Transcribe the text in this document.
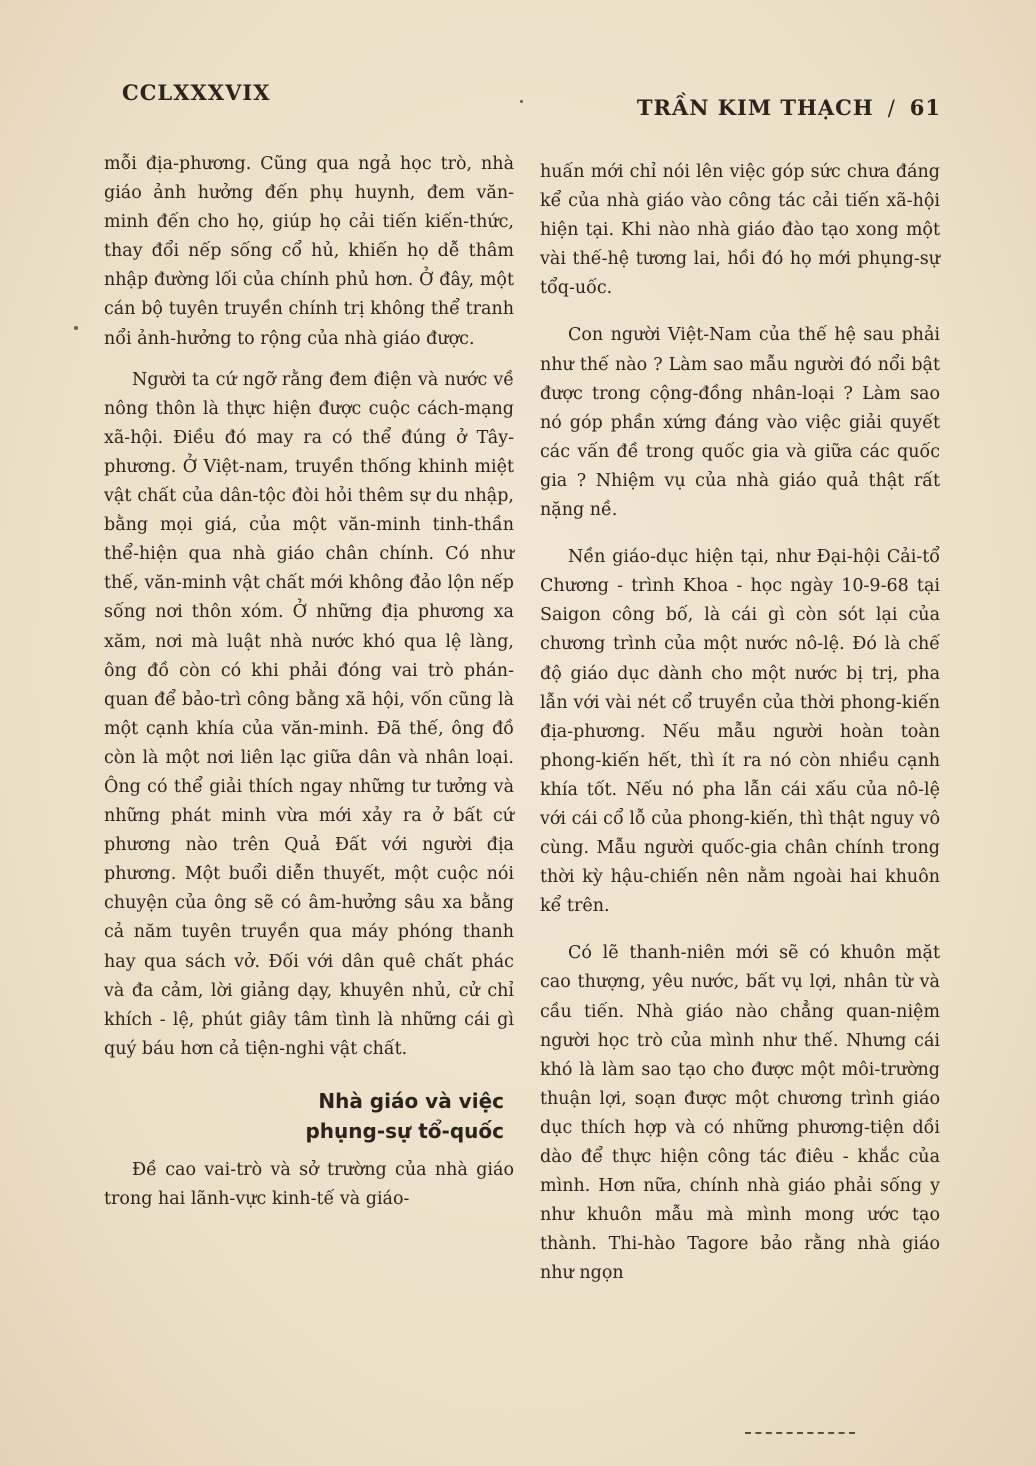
CCLXXXVIX
TRẦN KIM THẠCH / 61

mỗi địa-phương. Cũng qua ngả học trò, nhà giáo ảnh hưởng đến phụ huynh, đem văn-minh đến cho họ, giúp họ cải tiến kiến-thức, thay đổi nếp sống cổ hủ, khiến họ dễ thâm nhập đường lối của chính phủ hơn. Ở đây, một cán bộ tuyên truyền chính trị không thể tranh nổi ảnh-hưởng to rộng của nhà giáo được.

Người ta cứ ngỡ rằng đem điện và nước về nông thôn là thực hiện được cuộc cách-mạng xã-hội. Điều đó may ra có thể đúng ở Tây-phương. Ở Việt-nam, truyền thống khinh miệt vật chất của dân-tộc đòi hỏi thêm sự du nhập, bằng mọi giá, của một văn-minh tinh-thần thể-hiện qua nhà giáo chân chính. Có như thế, văn-minh vật chất mới không đảo lộn nếp sống nơi thôn xóm. Ở những địa phương xa xăm, nơi mà luật nhà nước khó qua lệ làng, ông đồ còn có khi phải đóng vai trò phán-quan để bảo-trì công bằng xã hội, vốn cũng là một cạnh khía của văn-minh. Đã thế, ông đồ còn là một nơi liên lạc giữa dân và nhân loại. Ông có thể giải thích ngay những tư tưởng và những phát minh vừa mới xảy ra ở bất cứ phương nào trên Quả Đất với người địa phương. Một buổi diễn thuyết, một cuộc nói chuyện của ông sẽ có âm-hưởng sâu xa bằng cả năm tuyên truyền qua máy phóng thanh hay qua sách vở. Đối với dân quê chất phác và đa cảm, lời giảng dạy, khuyên nhủ, cử chỉ khích - lệ, phút giây tâm tình là những cái gì quý báu hơn cả tiện-nghi vật chất.

Nhà giáo và việc
phụng-sự tổ-quốc

Đề cao vai-trò và sở trường của nhà giáo trong hai lãnh-vực kinh-tế và giáo-

huấn mới chỉ nói lên việc góp sức chưa đáng kể của nhà giáo vào công tác cải tiến xã-hội hiện tại. Khi nào nhà giáo đào tạo xong một vài thế-hệ tương lai, hồi đó họ mới phụng-sự tổq-uốc.

Con người Việt-Nam của thế hệ sau phải như thế nào ? Làm sao mẫu người đó nổi bật được trong cộng-đồng nhân-loại ? Làm sao nó góp phần xứng đáng vào việc giải quyết các vấn đề trong quốc gia và giữa các quốc gia ? Nhiệm vụ của nhà giáo quả thật rất nặng nề.

Nền giáo-dục hiện tại, như Đại-hội Cải-tổ Chương - trình Khoa - học ngày 10-9-68 tại Saigon công bố, là cái gì còn sót lại của chương trình của một nước nô-lệ. Đó là chế độ giáo dục dành cho một nước bị trị, pha lẫn với vài nét cổ truyền của thời phong-kiến địa-phương. Nếu mẫu người hoàn toàn phong-kiến hết, thì ít ra nó còn nhiều cạnh khía tốt. Nếu nó pha lẫn cái xấu của nô-lệ với cái cổ lỗ của phong-kiến, thì thật nguy vô cùng. Mẫu người quốc-gia chân chính trong thời kỳ hậu-chiến nên nằm ngoài hai khuôn kể trên.

Có lẽ thanh-niên mới sẽ có khuôn mặt cao thượng, yêu nước, bất vụ lợi, nhân từ và cầu tiến. Nhà giáo nào chẳng quan-niệm người học trò của mình như thế. Nhưng cái khó là làm sao tạo cho được một môi-trường thuận lợi, soạn được một chương trình giáo dục thích hợp và có những phương-tiện dồi dào để thực hiện công tác điêu - khắc của mình. Hơn nữa, chính nhà giáo phải sống y như khuôn mẫu mà mình mong ước tạo thành. Thi-hào Tagore bảo rằng nhà giáo như ngọn
